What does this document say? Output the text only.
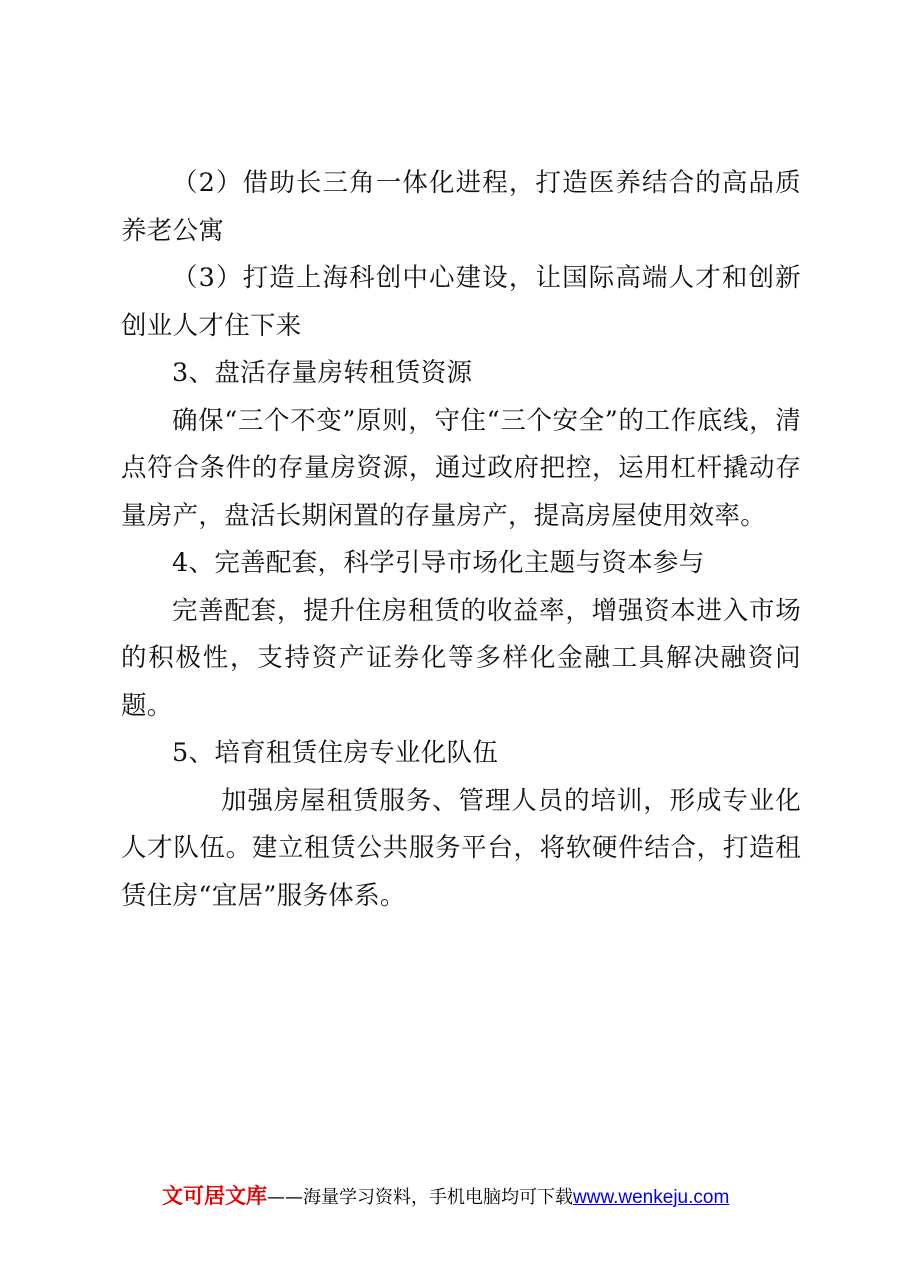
（2）借助长三角一体化进程，打造医养结合的高品质养老公寓

（3）打造上海科创中心建设，让国际高端人才和创新创业人才住下来

3、盘活存量房转租赁资源

确保“三个不变”原则，守住“三个安全”的工作底线，清点符合条件的存量房资源，通过政府把控，运用杠杆撬动存量房产，盘活长期闲置的存量房产，提高房屋使用效率。

4、完善配套，科学引导市场化主题与资本参与

完善配套，提升住房租赁的收益率，增强资本进入市场的积极性，支持资产证券化等多样化金融工具解决融资问题。

5、培育租赁住房专业化队伍

加强房屋租赁服务、管理人员的培训，形成专业化人才队伍。建立租赁公共服务平台，将软硬件结合，打造租赁住房“宜居”服务体系。

文可居文库——海量学习资料，手机电脑均可下载www.wenkeju.com
